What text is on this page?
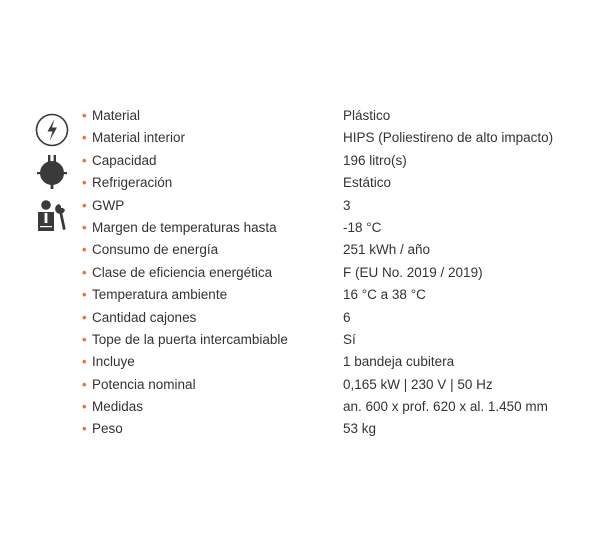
• Material	Plástico
• Material interior	HIPS (Poliestireno de alto impacto)
• Capacidad	196 litro(s)
• Refrigeración	Estático
• GWP	3
• Margen de temperaturas hasta	-18 °C
• Consumo de energía	251 kWh / año
• Clase de eficiencia energética	F (EU No. 2019 / 2019)
• Temperatura ambiente	16 °C a 38 °C
• Cantidad cajones	6
• Tope de la puerta intercambiable	Sí
• Incluye	1 bandeja cubitera
• Potencia nominal	0,165 kW | 230 V | 50 Hz
• Medidas	an. 600 x prof. 620 x al. 1.450 mm
• Peso	53 kg
